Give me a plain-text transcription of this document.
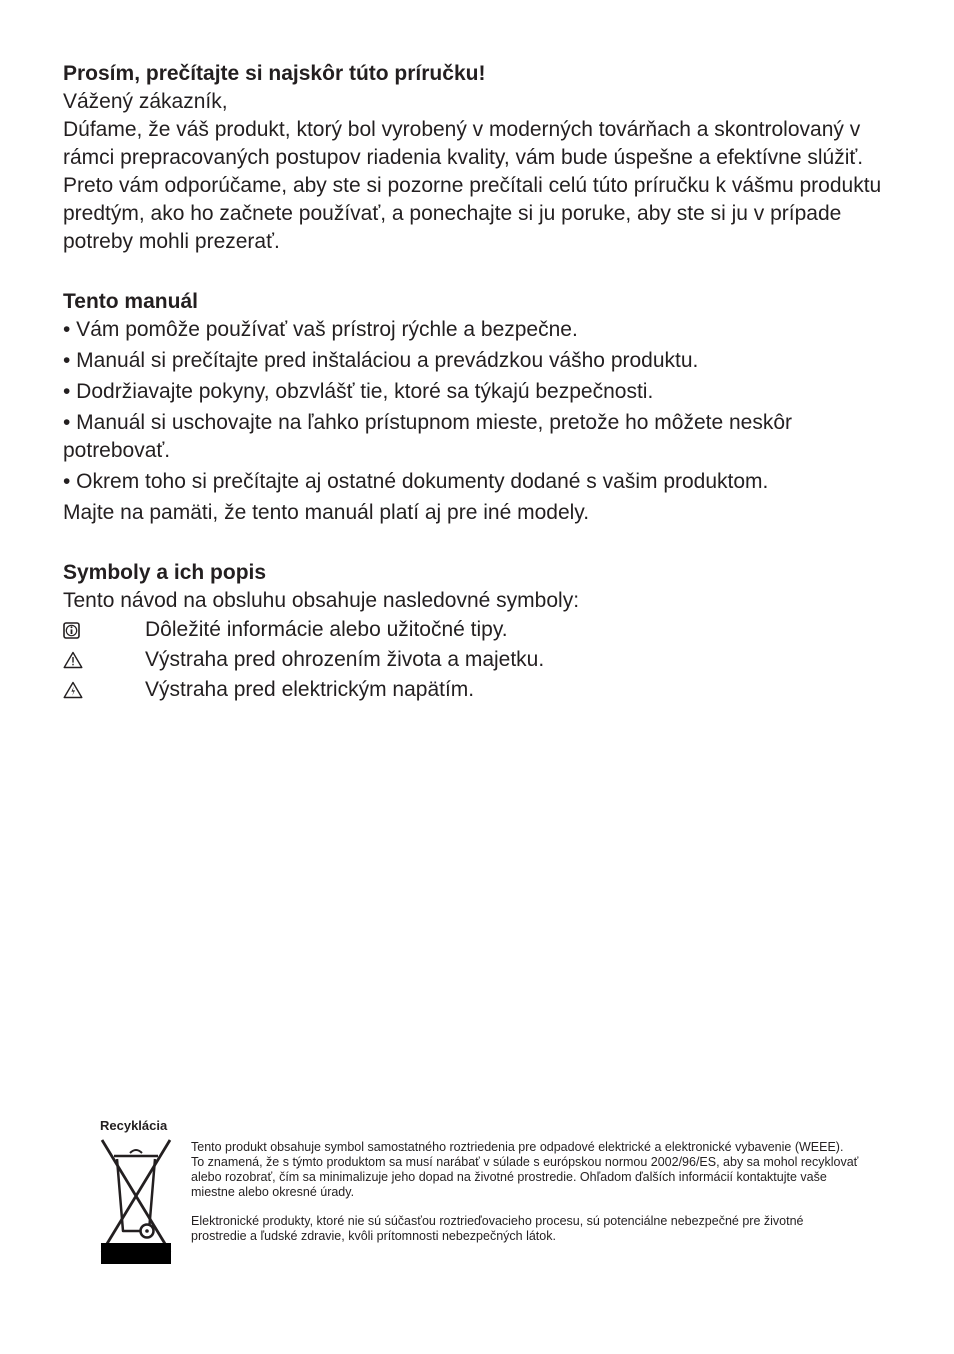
Prosím, prečítajte si najskôr túto príručku!

Vážený zákazník,

Dúfame, že váš produkt, ktorý bol vyrobený v moderných továrňach a skontrolovaný v rámci prepracovaných postupov riadenia kvality, vám bude úspešne a efektívne slúžiť.

Preto vám odporúčame, aby ste si pozorne prečítali celú túto príručku k vášmu produktu predtým, ako ho začnete používať, a ponechajte si ju poruke, aby ste si ju v prípade potreby mohli prezerať.

Tento manuál

• Vám pomôže používať vaš prístroj rýchle a bezpečne.

• Manuál si prečítajte pred inštaláciou a prevádzkou vášho produktu.

• Dodržiavajte pokyny, obzvlášť tie, ktoré sa týkajú bezpečnosti.

• Manuál si uschovajte na ľahko prístupnom mieste, pretože ho môžete neskôr potrebovať.

• Okrem toho si prečítajte aj ostatné dokumenty dodané s vašim produktom.

Majte na pamäti, že tento manuál platí aj pre iné modely.

Symboly a ich popis

Tento návod na obsluhu obsahuje nasledovné symboly:

Dôležité informácie alebo užitočné tipy.
Výstraha pred ohrozením života a majetku.
Výstraha pred elektrickým napätím.

Recyklácia

Tento produkt obsahuje symbol samostatného roztriedenia pre odpadové elektrické a elektronické vybavenie (WEEE).

To znamená, že s týmto produktom sa musí narábať v súlade s európskou normou 2002/96/ES, aby sa mohol recyklovať alebo rozobrať, čím sa minimalizuje jeho dopad na životné prostredie. Ohľadom ďalších informácií kontaktujte vaše miestne alebo okresné úrady.

Elektronické produkty, ktoré nie sú súčasťou roztrieďovacieho procesu, sú potenciálne nebezpečné pre životné prostredie a ľudské zdravie, kvôli prítomnosti nebezpečných látok.
